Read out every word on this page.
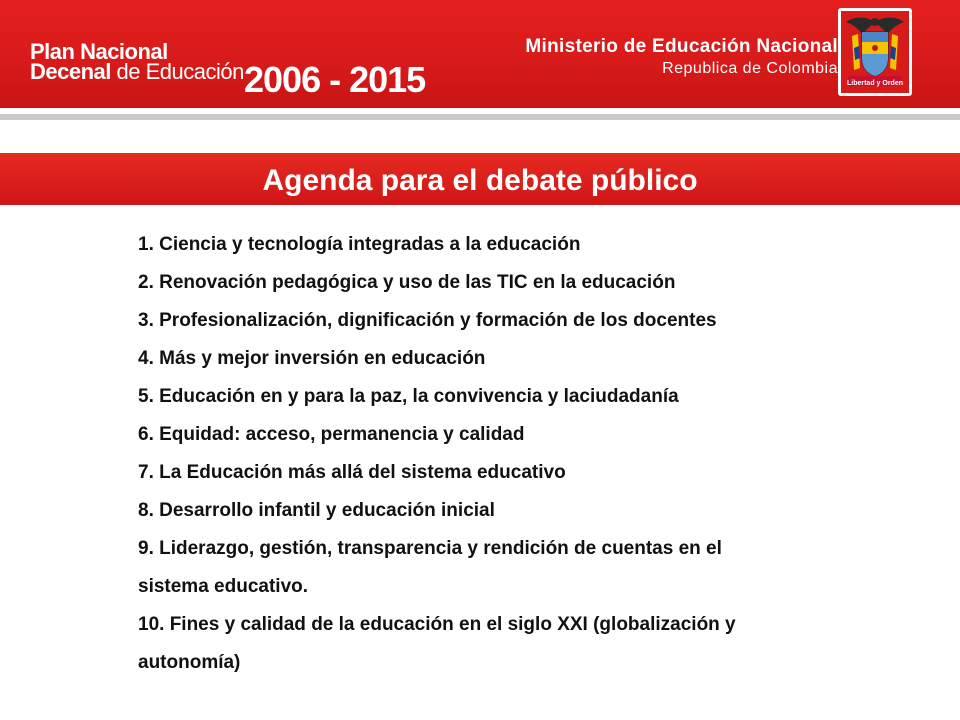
Plan Nacional
Decenal de Educación 2006 - 2015
Ministerio de Educación Nacional
Republica de Colombia
Libertad y Orden
Agenda para el debate público
1. Ciencia y tecnología integradas a la educación
2. Renovación pedagógica y uso de las TIC en la educación
3. Profesionalización, dignificación y formación de los docentes
4. Más y mejor inversión en educación
5. Educación en y para la paz, la convivencia y laciudadanía
6. Equidad: acceso, permanencia y calidad
7. La Educación más allá del sistema educativo
8. Desarrollo infantil y educación inicial
9. Liderazgo, gestión, transparencia y rendición de cuentas en el
sistema educativo.
10. Fines y calidad de la educación en el siglo XXI (globalización y
autonomía)
